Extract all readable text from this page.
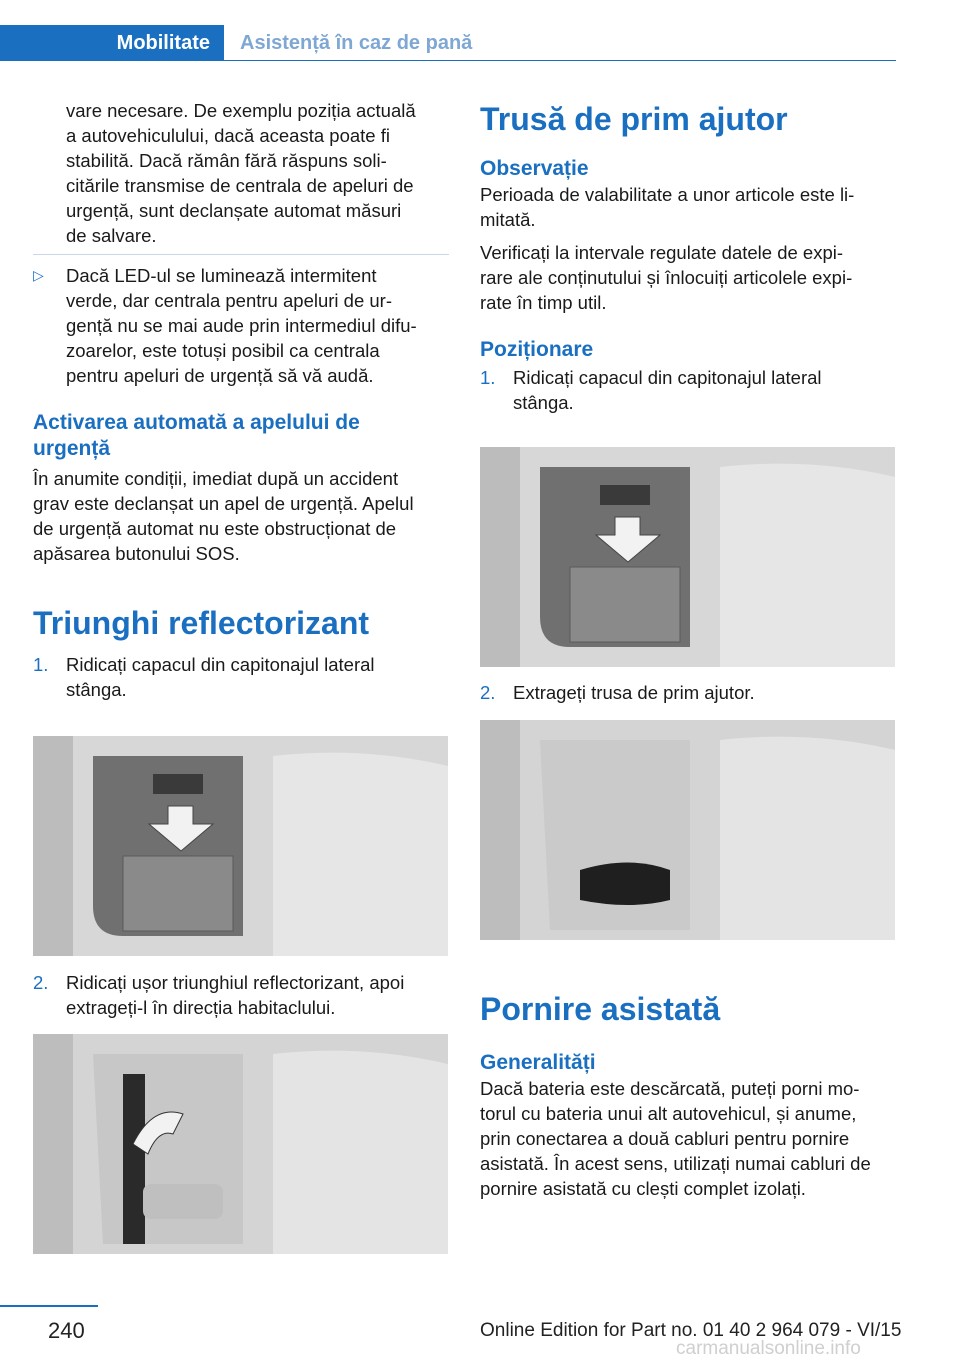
Mobilitate	Asistență în caz de pană
vare necesare. De exemplu poziția actuală
a autovehiculului, dacă aceasta poate fi
stabilită. Dacă rămân fără răspuns soli‐
citările transmise de centrala de apeluri de
urgență, sunt declanșate automat măsuri
de salvare.
▷ Dacă LED-ul se luminează intermitent
verde, dar centrala pentru apeluri de ur‐
gență nu se mai aude prin intermediul difu‐
zoarelor, este totuși posibil ca centrala
pentru apeluri de urgență să vă audă.
Activarea automată a apelului de
urgență
În anumite condiții, imediat după un accident
grav este declanșat un apel de urgență. Apelul
de urgență automat nu este obstrucționat de
apăsarea butonului SOS.
Triunghi reflectorizant
1. Ridicați capacul din capitonajul lateral
stânga.
2. Ridicați ușor triunghiul reflectorizant, apoi
extrageți-l în direcția habitaclului.
Trusă de prim ajutor
Observație
Perioada de valabilitate a unor articole este li‐
mitată.
Verificați la intervale regulate datele de expi‐
rare ale conținutului și înlocuiți articolele expi‐
rate în timp util.
Poziționare
1. Ridicați capacul din capitonajul lateral
stânga.
2. Extrageți trusa de prim ajutor.
Pornire asistată
Generalități
Dacă bateria este descărcată, puteți porni mo‐
torul cu bateria unui alt autovehicul, și anume,
prin conectarea a două cabluri pentru pornire
asistată. În acest sens, utilizați numai cabluri de
pornire asistată cu clești complet izolați.
240	Online Edition for Part no. 01 40 2 964 079 - VI/15
carmanualsonline.info
